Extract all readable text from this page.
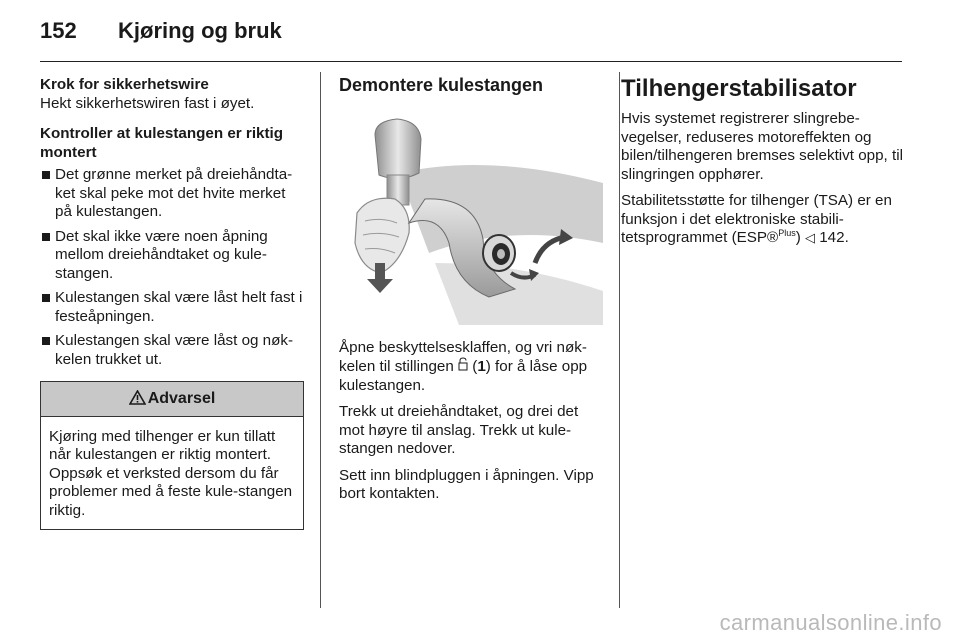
152 Kjøring og bruk
Krok for sikkerhetswire

Hekt sikkerhetswiren fast i øyet.

Kontroller at kulestangen er riktig montert
Det grønne merket på dreiehåndta-ket skal peke mot det hvite merket på kulestangen.
Det skal ikke være noen åpning mellom dreiehåndtaket og kule-stangen.
Kulestangen skal være låst helt fast i festeåpningen.
Kulestangen skal være låst og nøk-kelen trukket ut.
Advarsel
Kjøring med tilhenger er kun tillatt når kulestangen er riktig montert. Oppsøk et verksted dersom du får problemer med å feste kule-stangen riktig.
Demontere kulestangen

Åpne beskyttelsesklaffen, og vri nøk-kelen til stillingen  (1) for å låse opp kulestangen.

Trekk ut dreiehåndtaket, og drei det mot høyre til anslag. Trekk ut kule-stangen nedover.

Sett inn blindpluggen i åpningen. Vipp bort kontakten.

Tilhengerstabilisator

Hvis systemet registrerer slingrebe-vegelser, reduseres motoreffekten og bilen/tilhengeren bremses selektivt opp, til slingringen opphører.

Stabilitetsstøtte for tilhenger (TSA) er en funksjon i det elektroniske stabili-tetsprogrammet (ESP®$^{Plus}$) ◁ 142.

carmanualsonline.info
